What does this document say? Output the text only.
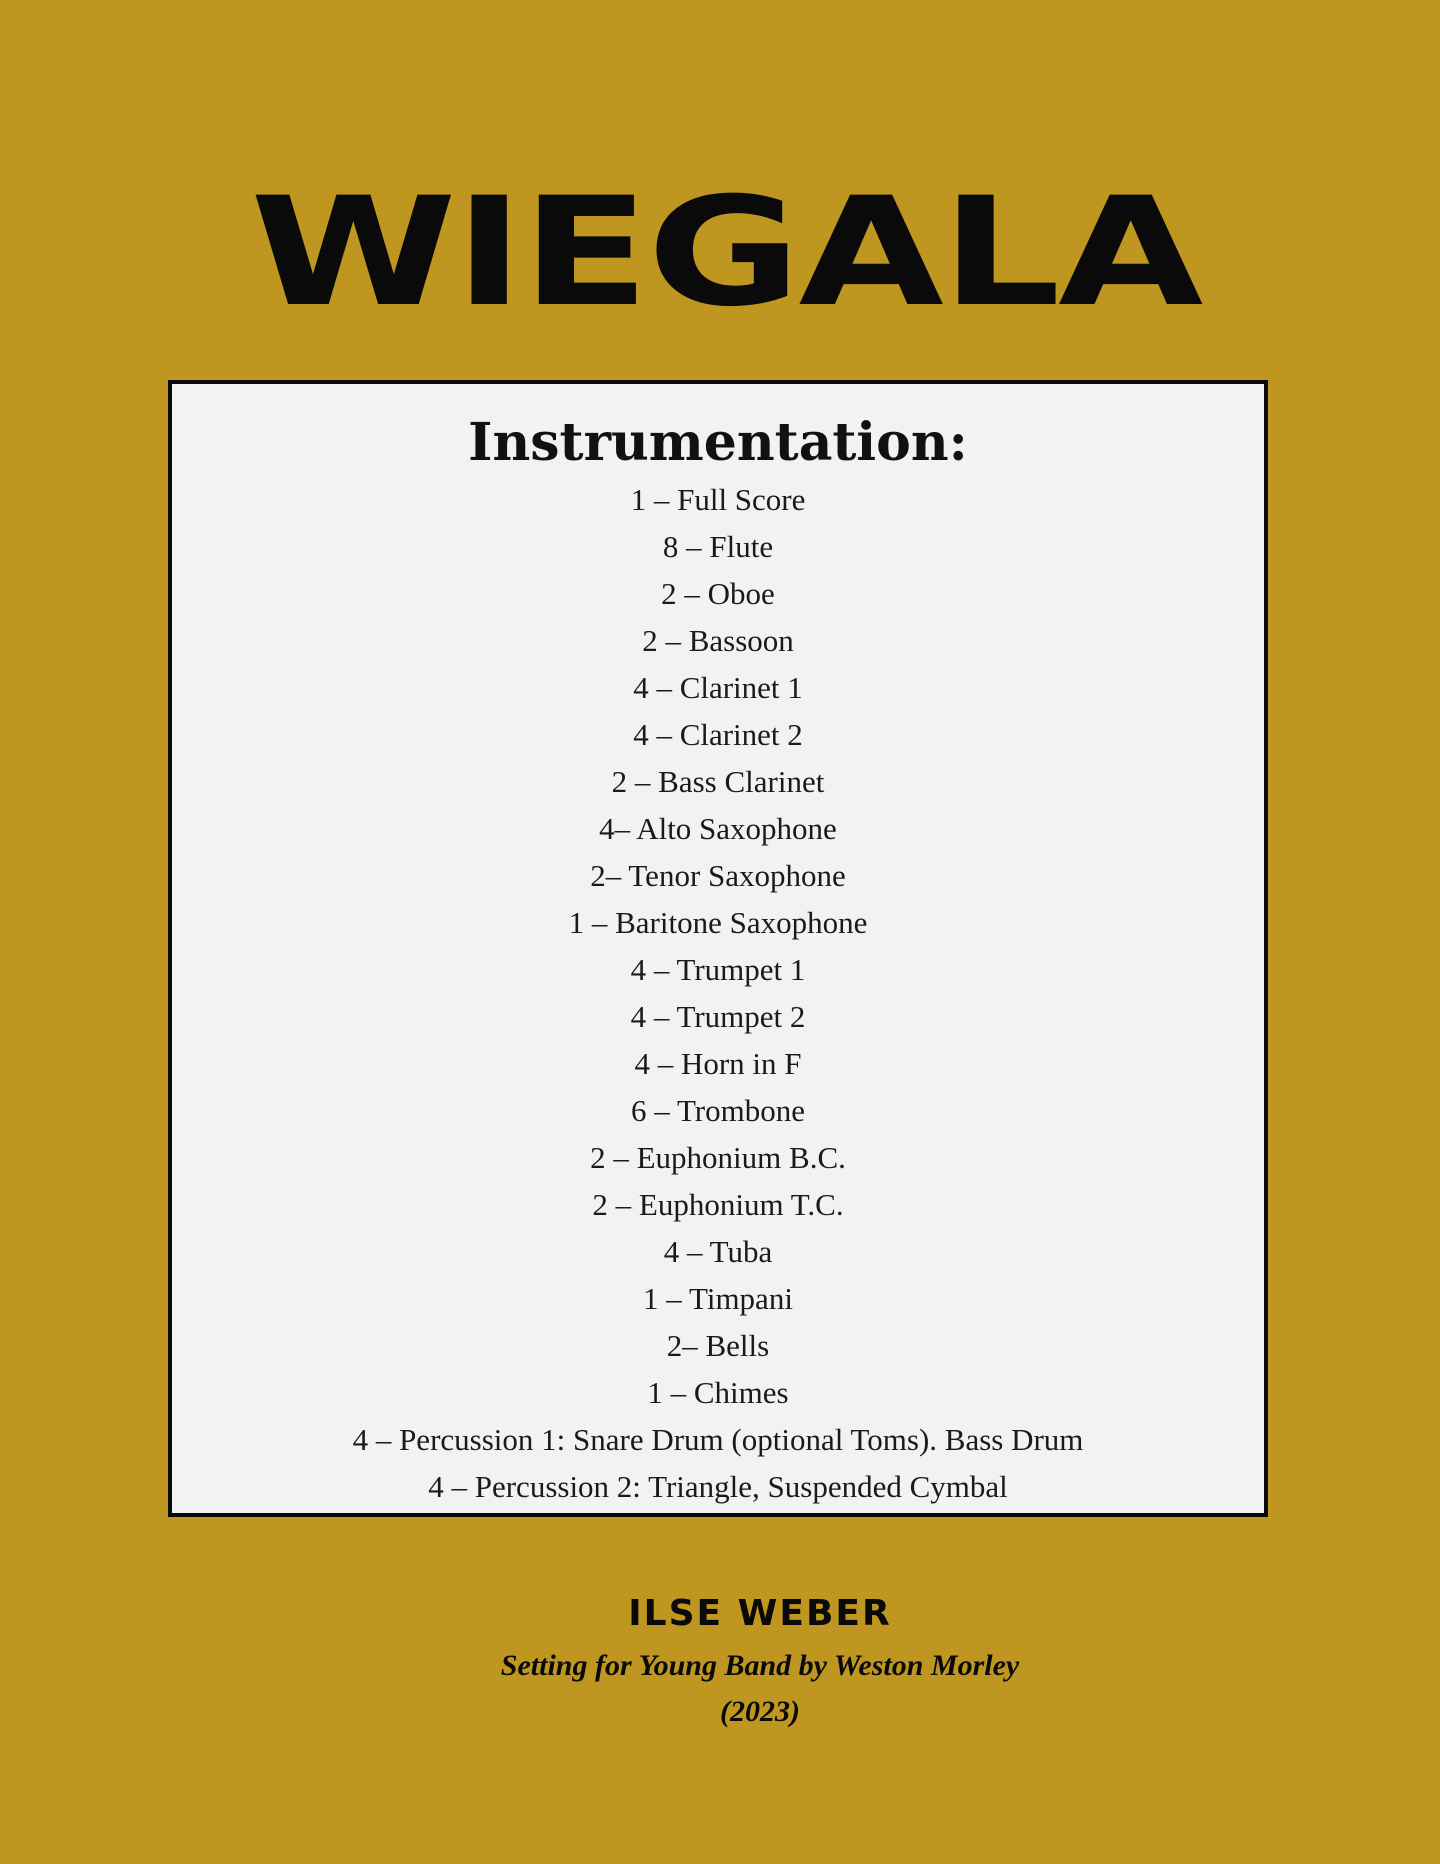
WIEGALA
Instrumentation:
1 – Full Score
8 – Flute
2 – Oboe
2 – Bassoon
4 – Clarinet 1
4 – Clarinet 2
2 – Bass Clarinet
4– Alto Saxophone
2– Tenor Saxophone
1 – Baritone Saxophone
4 – Trumpet 1
4 – Trumpet 2
4 – Horn in F
6 – Trombone
2 – Euphonium B.C.
2 – Euphonium T.C.
4 – Tuba
1 – Timpani
2– Bells
1 – Chimes
4 – Percussion 1: Snare Drum (optional Toms). Bass Drum
4 – Percussion 2: Triangle, Suspended Cymbal

ILSE WEBER

Setting for Young Band by Weston Morley

(2023)
